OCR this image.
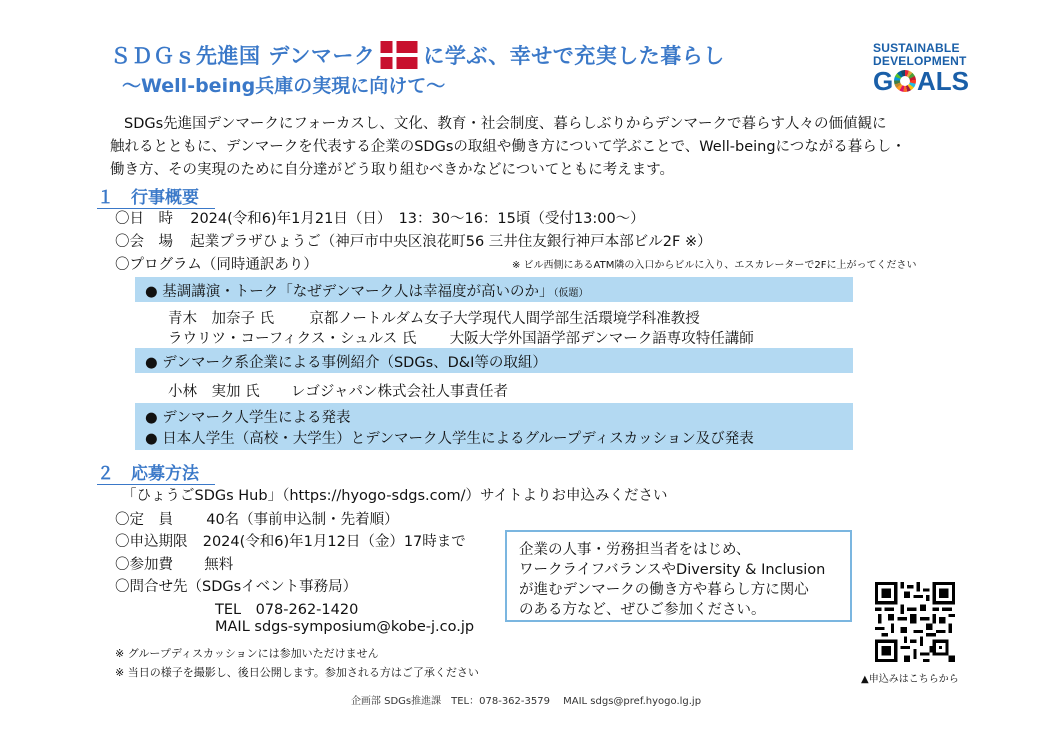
ＳＤＧｓ先進国 デンマーク に学ぶ、幸せで充実した暮らし
～Well-being兵庫の実現に向けて～
SUSTAINABLE
DEVELOPMENT
G ALS

SDGs先進国デンマークにフォーカスし、文化、教育・社会制度、暮らしぶりからデンマークで暮らす人々の価値観に

触れるとともに、デンマークを代表する企業のSDGsの取組や働き方について学ぶことで、Well-beingにつながる暮らし・

働き方、その実現のために自分達がどう取り組むべきかなどについてともに考えます。

１　行事概要
〇日　時 2024(令和6)年1月21日（日）　13：30～16：15頃（受付13:00～）
〇会　場 起業プラザひょうご（神戸市中央区浪花町56 三井住友銀行神戸本部ビル2F ※）
〇プログラム（同時通訳あり）	※ ビル西側にあるATM隣の入口からビルに入り、エスカレーターで2Fに上がってください
● 基調講演・トーク「なぜデンマーク人は幸福度が高いのか」（仮題）
青木　加奈子 氏 京都ノートルダム女子大学現代人間学部生活環境学科准教授
ラウリツ・コーフィクス・シュルス 氏 大阪大学外国語学部デンマーク語専攻特任講師
● デンマーク系企業による事例紹介（SDGs、D&I等の取組）
小林　実加 氏 レゴジャパン株式会社人事責任者
● デンマーク人学生による発表
● 日本人学生（高校・大学生）とデンマーク人学生によるグループディスカッション及び発表
２　応募方法
「ひょうごSDGs Hub」（https://hyogo-sdgs.com/）サイトよりお申込みください
〇定　員 40名（事前申込制・先着順）
〇申込期限 2024(令和6)年1月12日（金）17時まで
〇参加費 無料
〇問合せ先（SDGsイベント事務局）
TEL　078-262-1420
MAIL sdgs-symposium@kobe-j.co.jp
※ グループディスカッションには参加いただけません
※ 当日の様子を撮影し、後日公開します。参加される方はご了承ください
企業の人事・労務担当者をはじめ、
ワークライフバランスやDiversity & Inclusion
が進むデンマークの働き方や暮らし方に関心
のある方など、ぜひご参加ください。
▲申込みはこちらから
企画部 SDGs推進課　TEL：078-362-3579　 MAIL sdgs@pref.hyogo.lg.jp
